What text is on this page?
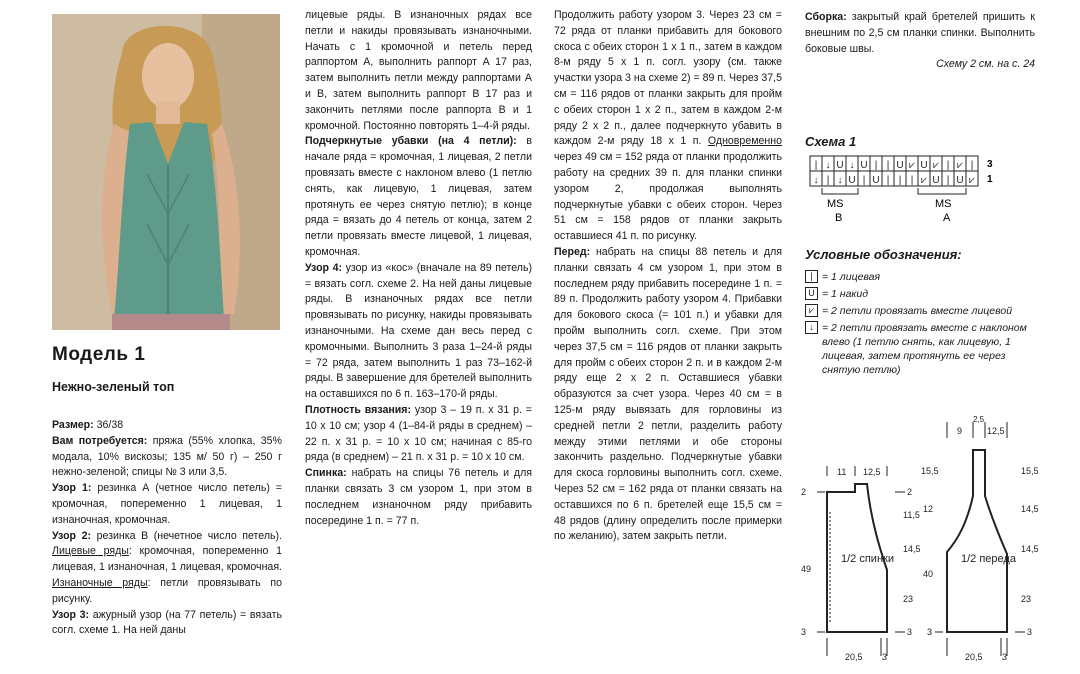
Модель 1
Нежно-зеленый топ

Размер: 36/38

Вам потребуется: пряжа (55% хлопка, 35% модала, 10% вискозы; 135 м/ 50 г) – 250 г нежно-зеленой; спицы № 3 или 3,5.

Узор 1: резинка А (четное число петель) = кромочная, попеременно 1 лицевая, 1 изнаночная, кромочная.

Узор 2: резинка В (нечетное число петель). Лицевые ряды: кромочная, попеременно 1 лицевая, 1 изнаночная, 1 лицевая, кромочная. Изнаночные ряды: петли провязывать по рисунку.

Узор 3: ажурный узор (на 77 петель) = вязать согл. схеме 1. На ней даны

лицевые ряды. В изнаночных рядах все петли и накиды провязывать изнаночными. Начать с 1 кромочной и петель перед раппортом А, выполнить раппорт А 17 раз, затем выполнить петли между раппортами А и В, затем выполнить раппорт В 17 раз и закончить петлями после раппорта В и 1 кромочной. Постоянно повторять 1–4-й ряды.

Подчеркнутые убавки (на 4 петли): в начале ряда = кромочная, 1 лицевая, 2 петли провязать вместе с наклоном влево (1 петлю снять, как лицевую, 1 лицевая, затем протянуть ее через снятую петлю); в конце ряда = вязать до 4 петель от конца, затем 2 петли провязать вместе лицевой, 1 лицевая, кромочная.

Узор 4: узор из «кос» (вначале на 89 петель) = вязать согл. схеме 2. На ней даны лицевые ряды. В изнаночных рядах все петли провязывать по рисунку, накиды провязывать изнаночными. На схеме дан весь перед с кромочными. Выполнить 3 раза 1–24-й ряды = 72 ряда, затем выполнить 1 раз 73–162-й ряды. В завершение для бретелей выполнить на оставшихся по 6 п. 163–170-й ряды.

Плотность вязания: узор 3 – 19 п. х 31 р. = 10 х 10 см; узор 4 (1–84-й ряды в среднем) – 22 п. х 31 р. = 10 х 10 см; начиная с 85-го ряда (в среднем) – 21 п. х 31 р. = 10 х 10 см.

Спинка: набрать на спицы 76 петель и для планки связать 3 см узором 1, при этом в последнем изнаночном ряду прибавить посередине 1 п. = 77 п.

Продолжить работу узором 3. Через 23 см = 72 ряда от планки прибавить для бокового скоса с обеих сторон 1 х 1 п., затем в каждом 8-м ряду 5 х 1 п. согл. узору (см. также участки узора 3 на схеме 2) = 89 п. Через 37,5 см = 116 рядов от планки закрыть для пройм с обеих сторон 1 х 2 п., затем в каждом 2-м ряду 2 х 2 п., далее подчеркнуто убавить в каждом 2-м ряду 18 х 1 п. Одновременно через 49 см = 152 ряда от планки продолжить работу на средних 39 п. для планки спинки узором 2, продолжая выполнять подчеркнутые убавки с обеих сторон. Через 51 см = 158 рядов от планки закрыть оставшиеся 41 п. по рисунку.

Перед: набрать на спицы 88 петель и для планки связать 4 см узором 1, при этом в последнем ряду прибавить посередине 1 п. = 89 п. Продолжить работу узором 4. Прибавки для бокового скоса (= 101 п.) и убавки для пройм выполнить согл. схеме. При этом через 37,5 см = 116 рядов от планки закрыть для пройм с обеих сторон 2 п. и в каждом 2-м ряду еще 2 х 2 п. Оставшиеся убавки образуются за счет узора. Через 40 см = в 125-м ряду вывязать для горловины из средней петли 2 петли, разделить работу между этими петлями и обе стороны закончить раздельно. Подчеркнутые убавки для скоса горловины выполнить согл. схеме. Через 52 см = 162 ряда от планки связать на оставшихся по 6 п. бретелей еще 15,5 см = 48 рядов (длину определить после примерки по желанию), затем закрыть петли.

Сборка: закрытый край бретелей пришить к внешним по 2,5 см планки спинки. Выполнить боковые швы.

Схему 2 см. на с. 24

Схема 1
| ↓ U ↓ U | | U ⩗ U ⩗ | ⩗ |
↓ | ↓ U | U | | | ⩗ U | U ⩗
3
1
MS
B
MS
A
Условные обозначения:
| = 1 лицевая
U = 1 накид
⩗ = 2 петли провязать вместе лицевой
↓ = 2 петли провязать вместе с наклоном влево (1 петлю снять, как лицевую, 1 лицевая, затем протянуть ее через снятую петлю)
11 12,5
2
49
3
2
11,5
14,5
23
3
1/2 спинки
20,5 3
2,5
9	12,5
15,5
12
40
15,5
14,5
14,5
23
3
3
1/2 переда
20,5 3
